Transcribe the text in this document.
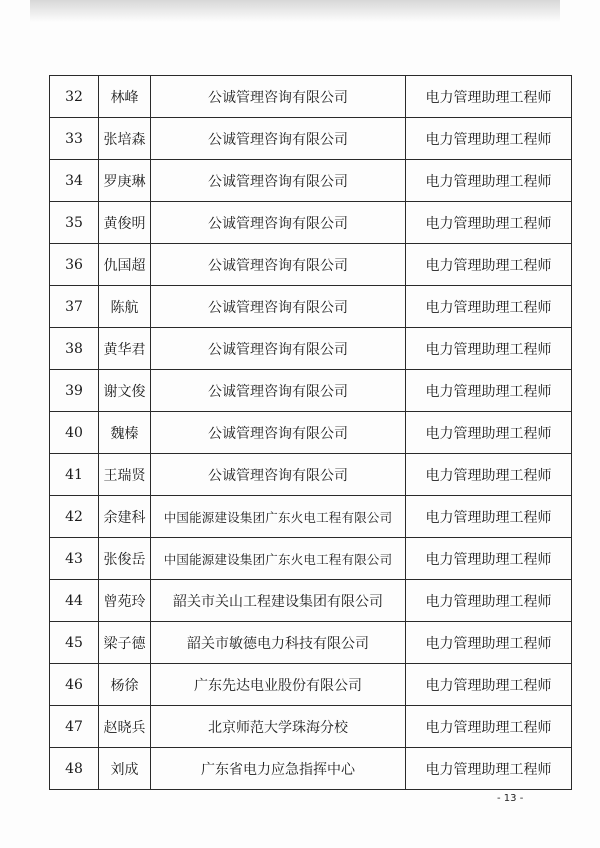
32	林峰	公诚管理咨询有限公司	电力管理助理工程师
33	张培森	公诚管理咨询有限公司	电力管理助理工程师
34	罗庚琳	公诚管理咨询有限公司	电力管理助理工程师
35	黄俊明	公诚管理咨询有限公司	电力管理助理工程师
36	仇国超	公诚管理咨询有限公司	电力管理助理工程师
37	陈航	公诚管理咨询有限公司	电力管理助理工程师
38	黄华君	公诚管理咨询有限公司	电力管理助理工程师
39	谢文俊	公诚管理咨询有限公司	电力管理助理工程师
40	魏榛	公诚管理咨询有限公司	电力管理助理工程师
41	王瑞贤	公诚管理咨询有限公司	电力管理助理工程师
42	余建科	中国能源建设集团广东火电工程有限公司	电力管理助理工程师
43	张俊岳	中国能源建设集团广东火电工程有限公司	电力管理助理工程师
44	曾苑玲	韶关市关山工程建设集团有限公司	电力管理助理工程师
45	梁子德	韶关市敏德电力科技有限公司	电力管理助理工程师
46	杨徐	广东先达电业股份有限公司	电力管理助理工程师
47	赵晓兵	北京师范大学珠海分校	电力管理助理工程师
48	刘成	广东省电力应急指挥中心	电力管理助理工程师
- 13 -
